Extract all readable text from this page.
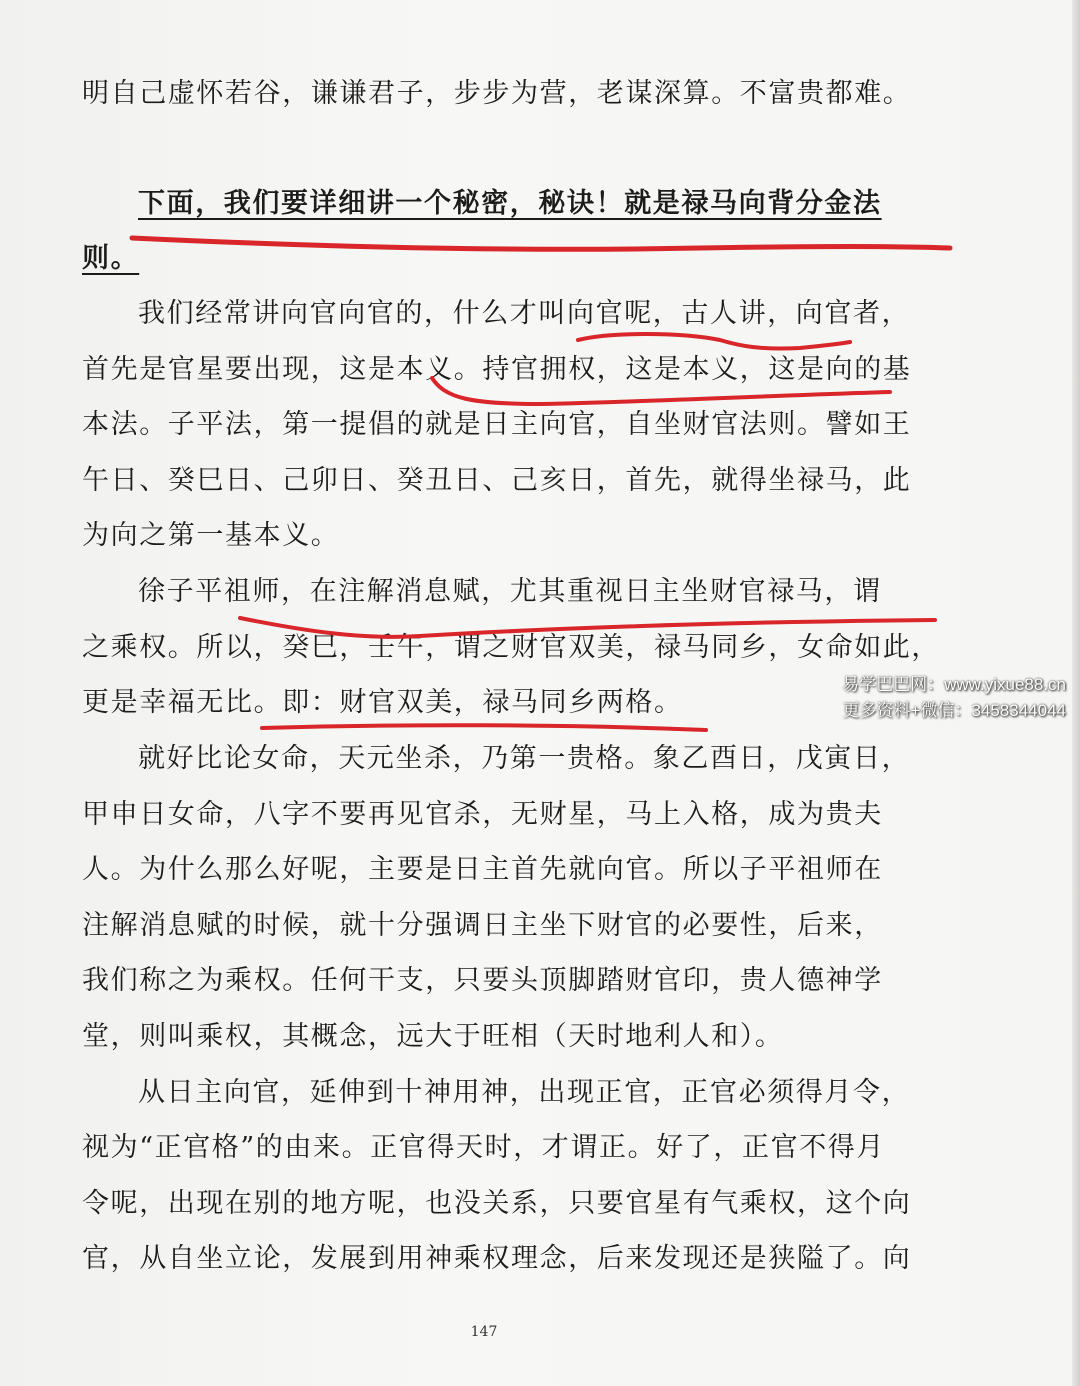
明自己虚怀若谷，谦谦君子，步步为营，老谋深算。不富贵都难。
下面，我们要详细讲一个秘密，秘诀！就是禄马向背分金法
则。
我们经常讲向官向官的，什么才叫向官呢，古人讲，向官者，
首先是官星要出现，这是本义。持官拥权，这是本义，这是向的基
本法。子平法，第一提倡的就是日主向官，自坐财官法则。譬如王
午日、癸巳日、己卯日、癸丑日、己亥日，首先，就得坐禄马，此
为向之第一基本义。
徐子平祖师，在注解消息赋，尤其重视日主坐财官禄马，谓
之乘权。所以，癸巳，壬午，谓之财官双美，禄马同乡，女命如此，
更是幸福无比。即：财官双美，禄马同乡两格。
就好比论女命，天元坐杀，乃第一贵格。象乙酉日，戊寅日，
甲申日女命，八字不要再见官杀，无财星，马上入格，成为贵夫
人。为什么那么好呢，主要是日主首先就向官。所以子平祖师在
注解消息赋的时候，就十分强调日主坐下财官的必要性，后来，
我们称之为乘权。任何干支，只要头顶脚踏财官印，贵人德神学
堂，则叫乘权，其概念，远大于旺相（天时地利人和）。
从日主向官，延伸到十神用神，出现正官，正官必须得月令，
视为“正官格”的由来。正官得天时，才谓正。好了，正官不得月
令呢，出现在别的地方呢，也没关系，只要官星有气乘权，这个向
官，从自坐立论，发展到用神乘权理念，后来发现还是狭隘了。向
147
易学巴巴网：www.yixue88.cn
更多资料+微信：3458344044
